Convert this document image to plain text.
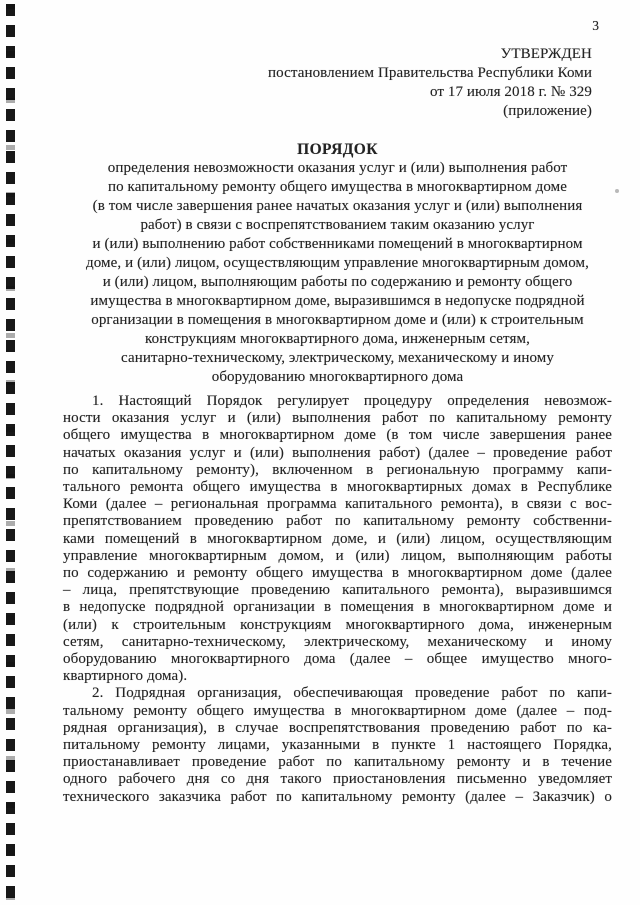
3
УТВЕРЖДЕН
постановлением Правительства Республики Коми
от 17 июля 2018 г. № 329
(приложение)
ПОРЯДОК
определения невозможности оказания услуг и (или) выполнения работ
по капитальному ремонту общего имущества в многоквартирном доме
(в том числе завершения ранее начатых оказания услуг и (или) выполнения
работ) в связи с воспрепятствованием таким оказанию услуг
и (или) выполнению работ собственниками помещений в многоквартирном
доме, и (или) лицом, осуществляющим управление многоквартирным домом,
и (или) лицом, выполняющим работы по содержанию и ремонту общего
имущества в многоквартирном доме, выразившимся в недопуске подрядной
организации в помещения в многоквартирном доме и (или) к строительным
конструкциям многоквартирного дома, инженерным сетям,
санитарно-техническому, электрическому, механическому и иному
оборудованию многоквартирного дома
1. Настоящий Порядок регулирует процедуру определения невозмож-
ности оказания услуг и (или) выполнения работ по капитальному ремонту
общего имущества в многоквартирном доме (в том числе завершения ранее
начатых оказания услуг и (или) выполнения работ) (далее – проведение работ
по капитальному ремонту), включенном в региональную программу капи-
тального ремонта общего имущества в многоквартирных домах в Республике
Коми (далее – региональная программа капитального ремонта), в связи с вос-
препятствованием проведению работ по капитальному ремонту собственни-
ками помещений в многоквартирном доме, и (или) лицом, осуществляющим
управление многоквартирным домом, и (или) лицом, выполняющим работы
по содержанию и ремонту общего имущества в многоквартирном доме (далее
– лица, препятствующие проведению капитального ремонта), выразившимся
в недопуске подрядной организации в помещения в многоквартирном доме и
(или) к строительным конструкциям многоквартирного дома, инженерным
сетям, санитарно-техническому, электрическому, механическому и иному
оборудованию многоквартирного дома (далее – общее имущество много-
квартирного дома).
2. Подрядная организация, обеспечивающая проведение работ по капи-
тальному ремонту общего имущества в многоквартирном доме (далее – под-
рядная организация), в случае воспрепятствования проведению работ по ка-
питальному ремонту лицами, указанными в пункте 1 настоящего Порядка,
приостанавливает проведение работ по капитальному ремонту и в течение
одного рабочего дня со дня такого приостановления письменно уведомляет
технического заказчика работ по капитальному ремонту (далее – Заказчик) о
